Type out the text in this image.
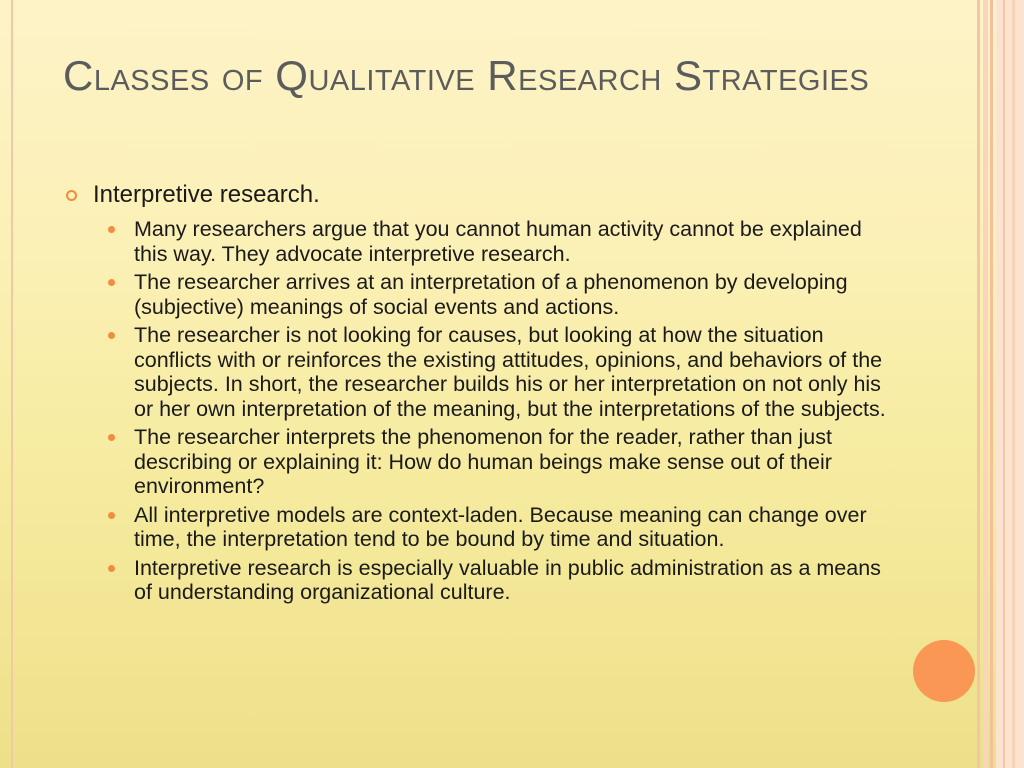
Classes of Qualitative Research Strategies
Interpretive research.
Many researchers argue that you cannot human activity cannot be explained this way. They advocate interpretive research.
The researcher arrives at an interpretation of a phenomenon by developing (subjective) meanings of social events and actions.
The researcher is not looking for causes, but looking at how the situation conflicts with or reinforces the existing attitudes, opinions, and behaviors of the subjects. In short, the researcher builds his or her interpretation on not only his or her own interpretation of the meaning, but the interpretations of the subjects.
The researcher interprets the phenomenon for the reader, rather than just describing or explaining it: How do human beings make sense out of their environment?
All interpretive models are context-laden. Because meaning can change over time, the interpretation tend to be bound by time and situation.
Interpretive research is especially valuable in public administration as a means of understanding organizational culture.
